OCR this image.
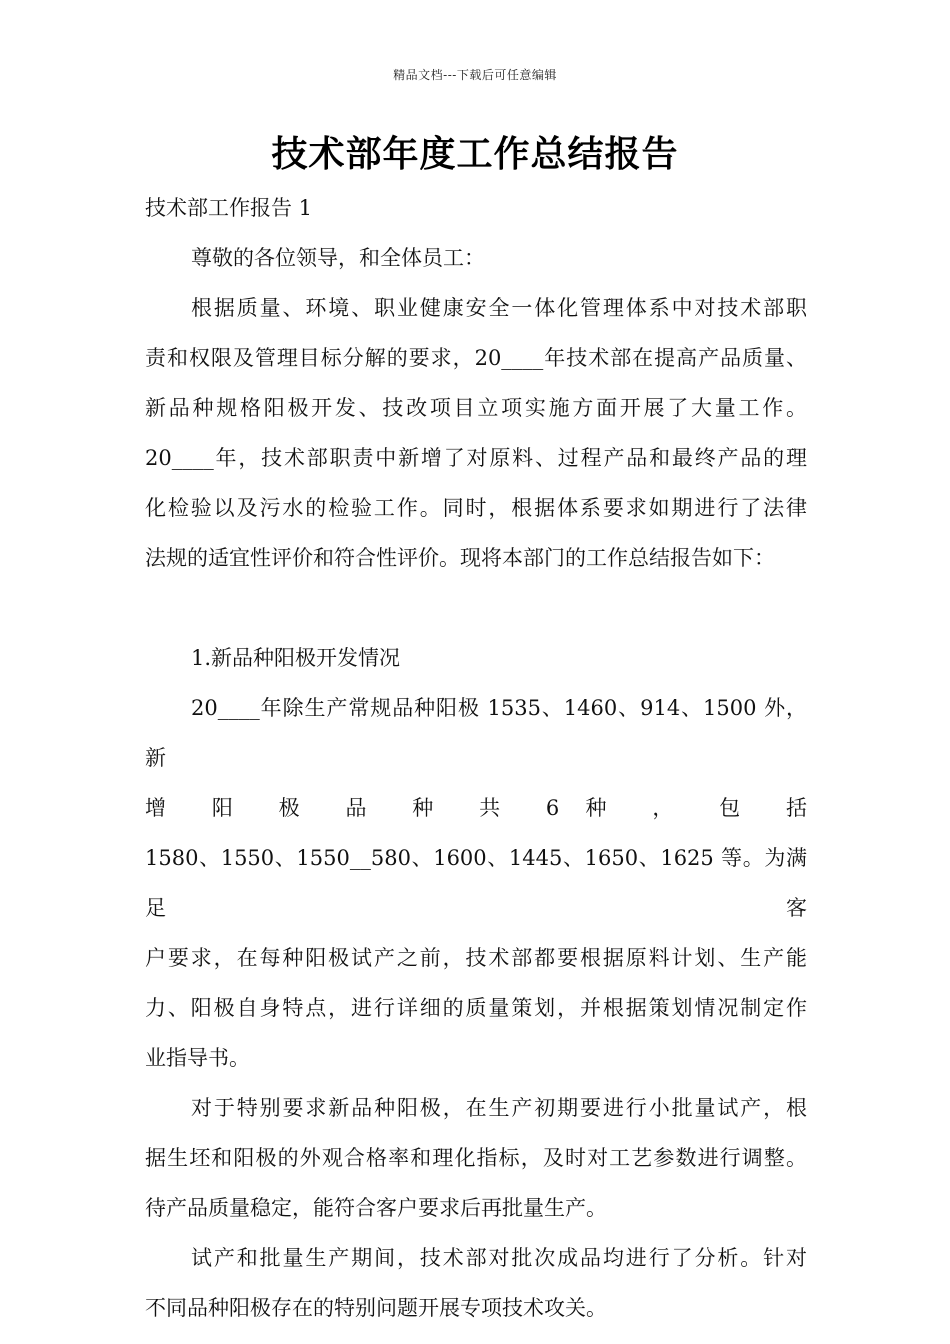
精品文档---下载后可任意编辑
技术部年度工作总结报告

技术部工作报告 1

尊敬的各位领导，和全体员工：

根据质量、环境、职业健康安全一体化管理体系中对技术部职

责和权限及管理目标分解的要求，20____年技术部在提高产品质量、

新品种规格阳极开发、技改项目立项实施方面开展了大量工作。

20____年，技术部职责中新增了对原料、过程产品和最终产品的理

化检验以及污水的检验工作。同时，根据体系要求如期进行了法律

法规的适宜性评价和符合性评价。现将本部门的工作总结报告如下：

1.新品种阳极开发情况

20____年除生产常规品种阳极 1535、1460、914、1500 外，新

增 阳 极 品 种 共 6 种 ， 包 括

1580、1550、1550__580、1600、1445、1650、1625 等。为满足客

户要求，在每种阳极试产之前，技术部都要根据原料计划、生产能

力、阳极自身特点，进行详细的质量策划，并根据策划情况制定作

业指导书。

对于特别要求新品种阳极，在生产初期要进行小批量试产，根

据生坯和阳极的外观合格率和理化指标，及时对工艺参数进行调整。

待产品质量稳定，能符合客户要求后再批量生产。

试产和批量生产期间，技术部对批次成品均进行了分析。针对

不同品种阳极存在的特别问题开展专项技术攻关。
